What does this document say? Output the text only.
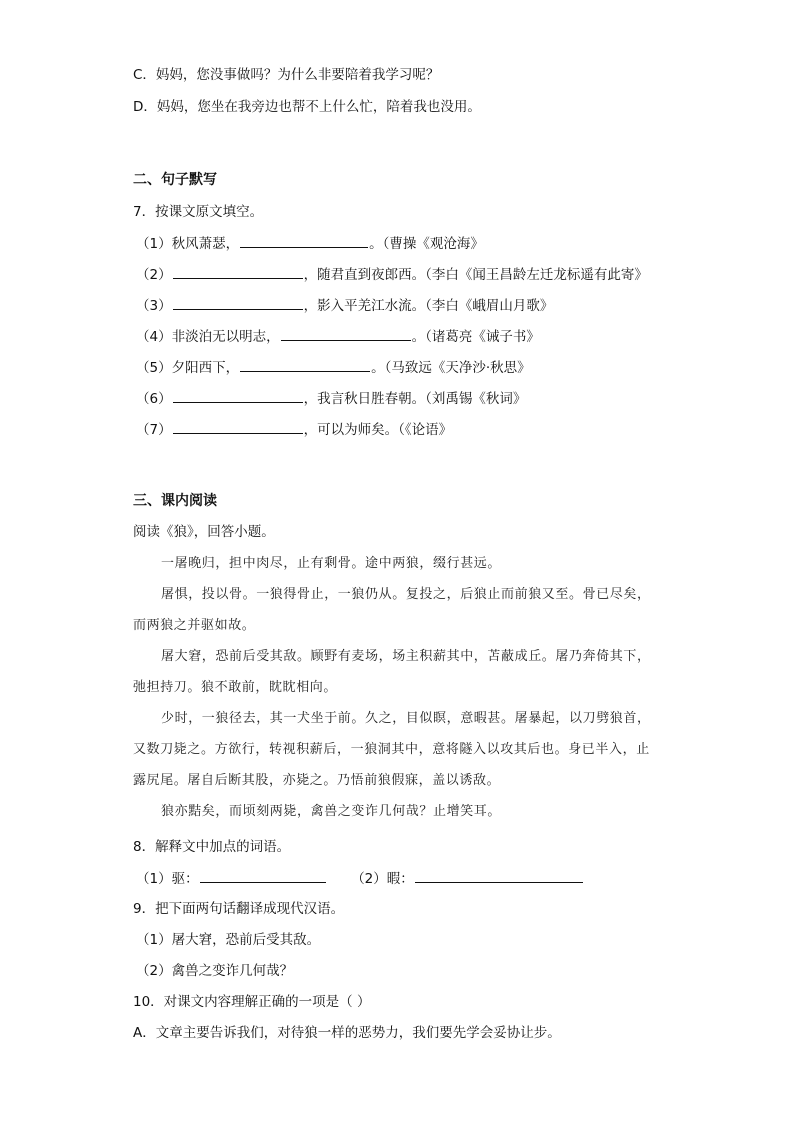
C．妈妈，您没事做吗？为什么非要陪着我学习呢？
D．妈妈，您坐在我旁边也帮不上什么忙，陪着我也没用。
二、句子默写
7．按课文原文填空。
（1）秋风萧瑟，	。（曹操《观沧海》
（2）	，随君直到夜郎西。（李白《闻王昌龄左迁龙标遥有此寄》
（3）	，影入平羌江水流。（李白《峨眉山月歌》
（4）非淡泊无以明志，	。（诸葛亮《诫子书》
（5）夕阳西下，	。（马致远《天净沙·秋思》
（6）	，我言秋日胜春朝。（刘禹锡《秋词》
（7）	，可以为师矣。（《论语》
三、课内阅读
阅读《狼》，回答小题。

一屠晚归，担中肉尽，止有剩骨。途中两狼，缀行甚远。

屠惧，投以骨。一狼得骨止，一狼仍从。复投之，后狼止而前狼又至。骨已尽矣，

而两狼之并驱如故。

屠大窘，恐前后受其敌。顾野有麦场，场主积薪其中，苫蔽成丘。屠乃奔倚其下，

弛担持刀。狼不敢前，眈眈相向。

少时，一狼径去，其一犬坐于前。久之，目似瞑，意暇甚。屠暴起，以刀劈狼首，

又数刀毙之。方欲行，转视积薪后，一狼洞其中，意将隧入以攻其后也。身已半入，止

露尻尾。屠自后断其股，亦毙之。乃悟前狼假寐，盖以诱敌。

狼亦黠矣，而顷刻两毙，禽兽之变诈几何哉？止增笑耳。

8．解释文中加点的词语。
（1）驱：	（2）暇：
9．把下面两句话翻译成现代汉语。
（1）屠大窘，恐前后受其敌。
（2）禽兽之变诈几何哉？
10．对课文内容理解正确的一项是（ ）
A．文章主要告诉我们，对待狼一样的恶势力，我们要先学会妥协让步。
